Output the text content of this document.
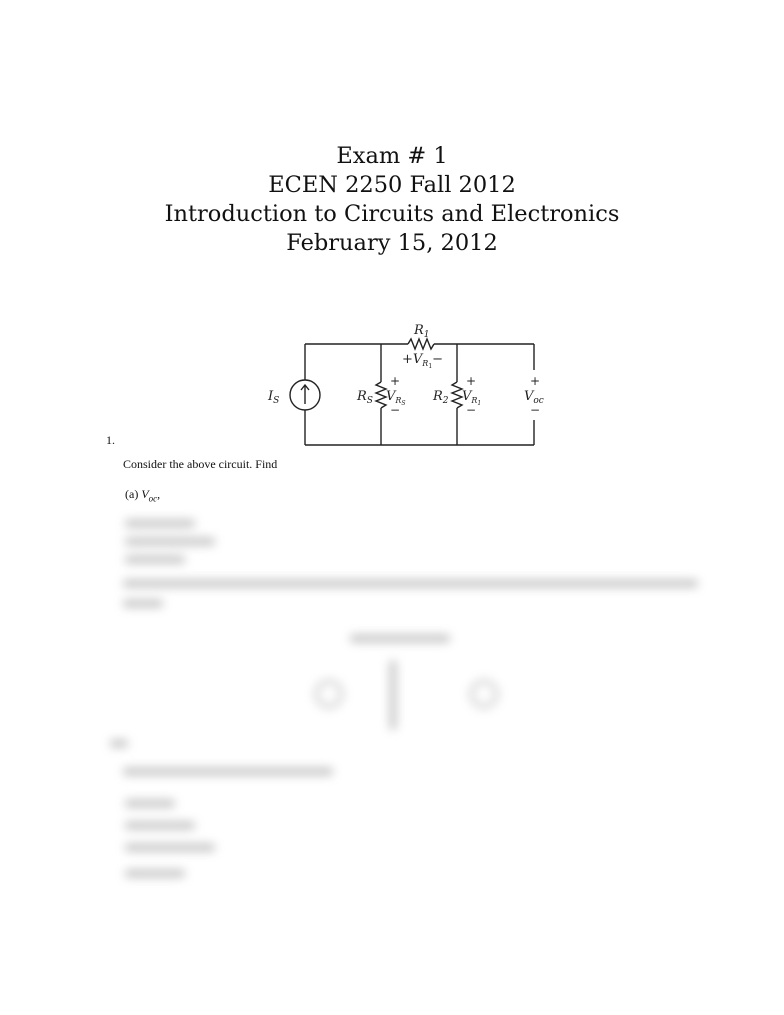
Exam # 1
ECEN 2250 Fall 2012
Introduction to Circuits and Electronics
February 15, 2012
$R_1$
$+V_R1-$
$I_S$	$R_S$
+
$V_RS$
−
$R_2$
+
$V_R1$
−
+
$V_{oc}$
−
1.
Consider the above circuit. Find
(a) $V_{oc}$,
